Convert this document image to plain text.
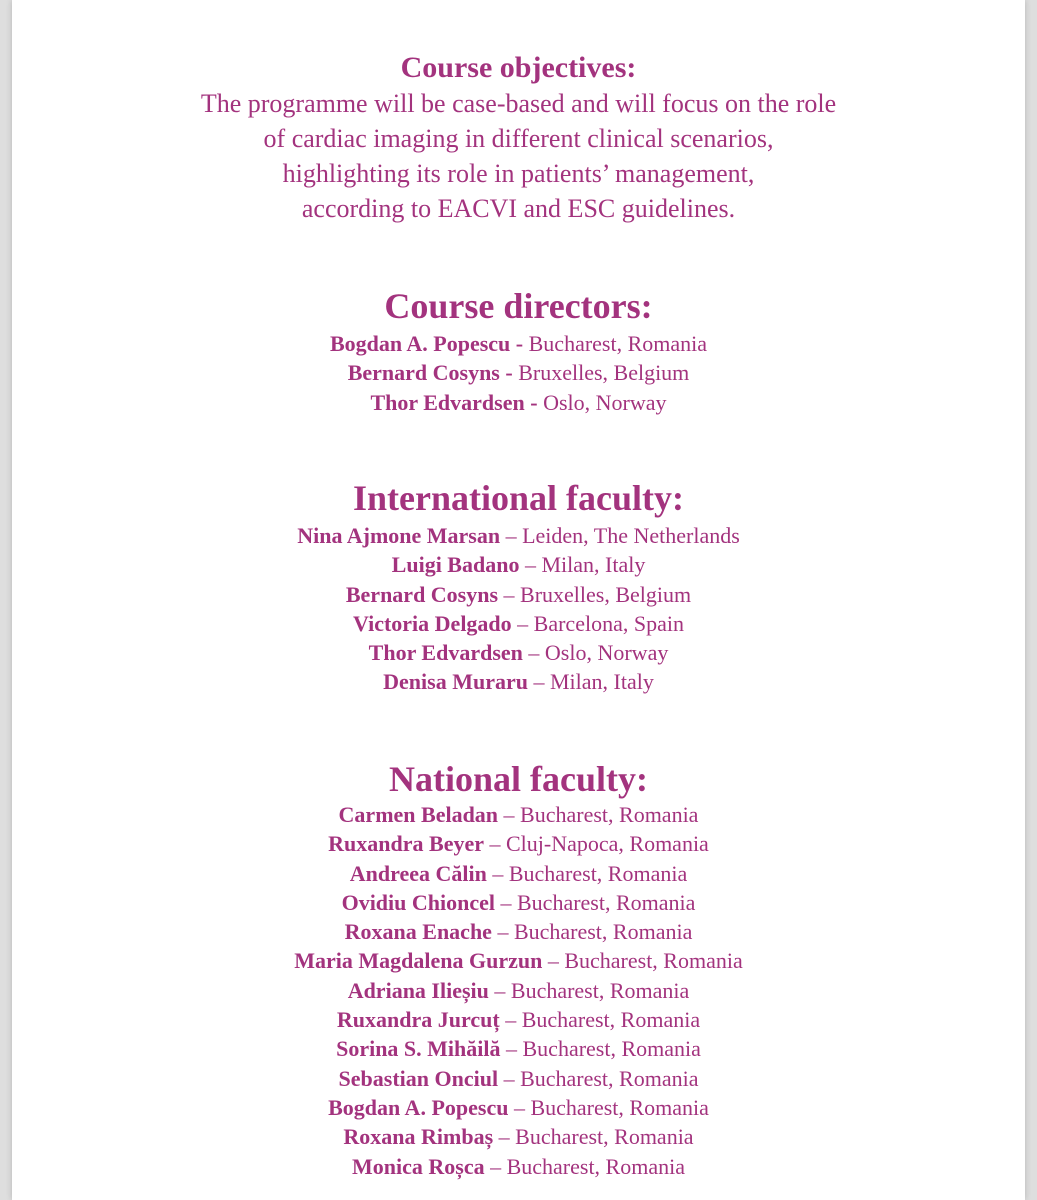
Course objectives:
The programme will be case-based and will focus on the role
of cardiac imaging in different clinical scenarios,
highlighting its role in patients’ management,
according to EACVI and ESC guidelines.
Course directors:
Bogdan A. Popescu - Bucharest, Romania
Bernard Cosyns - Bruxelles, Belgium
Thor Edvardsen - Oslo, Norway
International faculty:
Nina Ajmone Marsan – Leiden, The Netherlands
Luigi Badano – Milan, Italy
Bernard Cosyns – Bruxelles, Belgium
Victoria Delgado – Barcelona, Spain
Thor Edvardsen – Oslo, Norway
Denisa Muraru – Milan, Italy
National faculty:
Carmen Beladan – Bucharest, Romania
Ruxandra Beyer – Cluj-Napoca, Romania
Andreea Călin – Bucharest, Romania
Ovidiu Chioncel – Bucharest, Romania
Roxana Enache – Bucharest, Romania
Maria Magdalena Gurzun – Bucharest, Romania
Adriana Ilieșiu – Bucharest, Romania
Ruxandra Jurcuț – Bucharest, Romania
Sorina S. Mihăilă – Bucharest, Romania
Sebastian Onciul – Bucharest, Romania
Bogdan A. Popescu – Bucharest, Romania
Roxana Rimbaș – Bucharest, Romania
Monica Roșca – Bucharest, Romania
